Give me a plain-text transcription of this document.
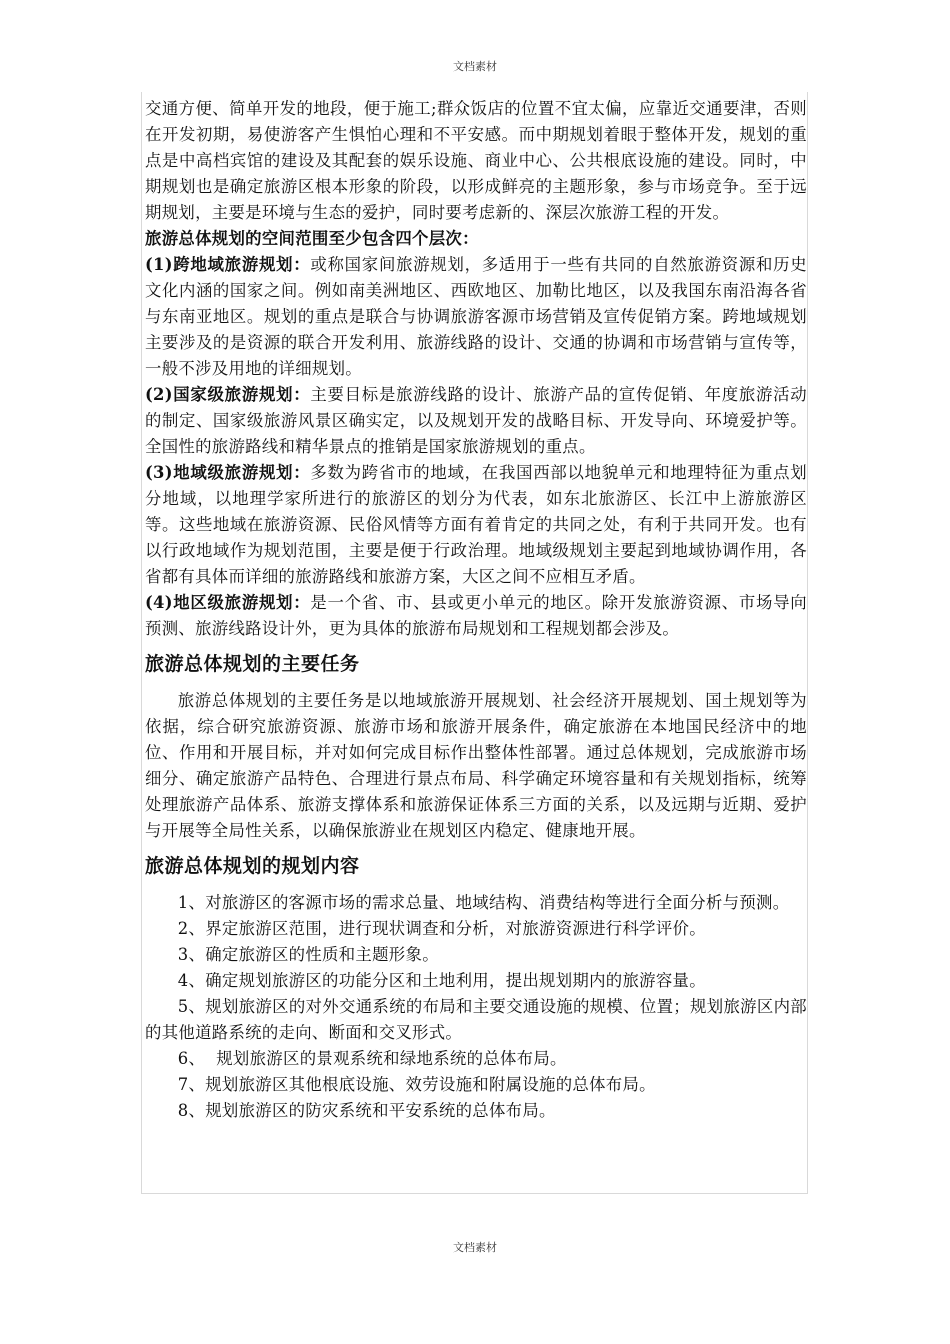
文档素材

交通方便、简单开发的地段，便于施工;群众饭店的位置不宜太偏，应靠近交通要津，否则在开发初期，易使游客产生惧怕心理和不平安感。而中期规划着眼于整体开发，规划的重点是中高档宾馆的建设及其配套的娱乐设施、商业中心、公共根底设施的建设。同时，中期规划也是确定旅游区根本形象的阶段，以形成鲜亮的主题形象，参与市场竞争。至于远期规划，主要是环境与生态的爱护，同时要考虑新的、深层次旅游工程的开发。

旅游总体规划的空间范围至少包含四个层次：

(1)跨地域旅游规划：或称国家间旅游规划，多适用于一些有共同的自然旅游资源和历史文化内涵的国家之间。例如南美洲地区、西欧地区、加勒比地区，以及我国东南沿海各省与东南亚地区。规划的重点是联合与协调旅游客源市场营销及宣传促销方案。跨地域规划主要涉及的是资源的联合开发利用、旅游线路的设计、交通的协调和市场营销与宣传等，一般不涉及用地的详细规划。

(2)国家级旅游规划：主要目标是旅游线路的设计、旅游产品的宣传促销、年度旅游活动的制定、国家级旅游风景区确实定，以及规划开发的战略目标、开发导向、环境爱护等。全国性的旅游路线和精华景点的推销是国家旅游规划的重点。

(3)地域级旅游规划：多数为跨省市的地域，在我国西部以地貌单元和地理特征为重点划分地域，以地理学家所进行的旅游区的划分为代表，如东北旅游区、长江中上游旅游区等。这些地域在旅游资源、民俗风情等方面有着肯定的共同之处，有利于共同开发。也有以行政地域作为规划范围，主要是便于行政治理。地域级规划主要起到地域协调作用，各省都有具体而详细的旅游路线和旅游方案，大区之间不应相互矛盾。

(4)地区级旅游规划：是一个省、市、县或更小单元的地区。除开发旅游资源、市场导向预测、旅游线路设计外，更为具体的旅游布局规划和工程规划都会涉及。

旅游总体规划的主要任务

旅游总体规划的主要任务是以地域旅游开展规划、社会经济开展规划、国土规划等为依据，综合研究旅游资源、旅游市场和旅游开展条件，确定旅游在本地国民经济中的地位、作用和开展目标，并对如何完成目标作出整体性部署。通过总体规划，完成旅游市场细分、确定旅游产品特色、合理进行景点布局、科学确定环境容量和有关规划指标，统筹处理旅游产品体系、旅游支撑体系和旅游保证体系三方面的关系，以及远期与近期、爱护与开展等全局性关系，以确保旅游业在规划区内稳定、健康地开展。

旅游总体规划的规划内容

1、对旅游区的客源市场的需求总量、地域结构、消费结构等进行全面分析与预测。

2、界定旅游区范围，进行现状调查和分析，对旅游资源进行科学评价。

3、确定旅游区的性质和主题形象。

4、确定规划旅游区的功能分区和土地利用，提出规划期内的旅游容量。

5、规划旅游区的对外交通系统的布局和主要交通设施的规模、位置；规划旅游区内部的其他道路系统的走向、断面和交叉形式。

6、  规划旅游区的景观系统和绿地系统的总体布局。

7、规划旅游区其他根底设施、效劳设施和附属设施的总体布局。

8、规划旅游区的防灾系统和平安系统的总体布局。

文档素材
